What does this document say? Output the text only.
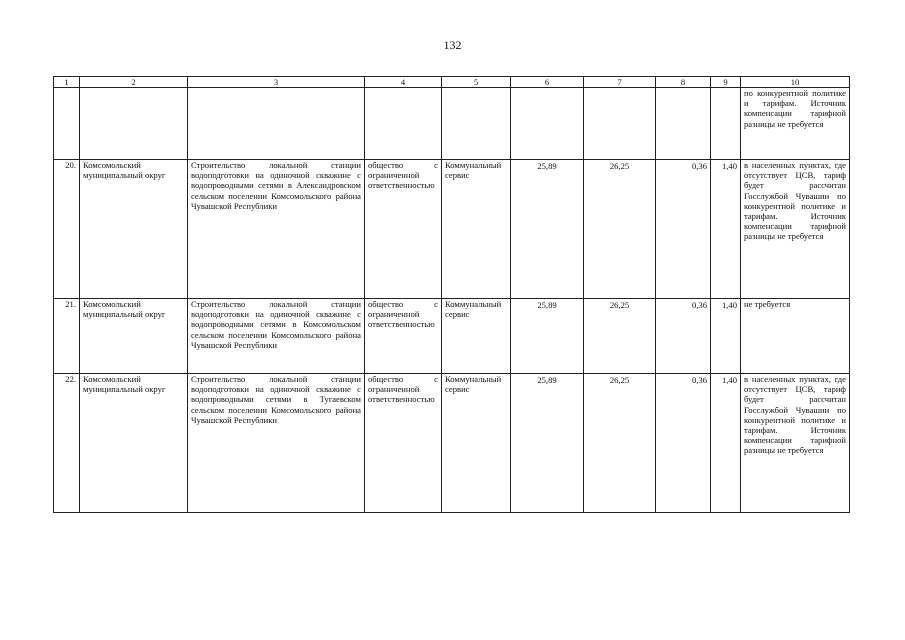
132
1	2	3	4	5	6	7	8	9	10
									по конкурентной политике и тарифам. Источник компенсации тарифной разницы не требуется
20.	Комсомольский муниципальный округ	Строительство локальной станции водоподготовки на одиночной скважине с водопроводными сетями в Александровском сельском поселении Комсомольского района Чувашской Республики	общество с ограниченной ответственностью	Коммунальный сервис	25,89	26,25	0,36	1,40	в населенных пунктах, где отсутствует ЦСВ, тариф будет рассчитан Госслужбой Чувашии по конкурентной политике и тарифам. Источник компенсации тарифной разницы не требуется
21.	Комсомольский муниципальный округ	Строительство локальной станции водоподготовки на одиночной скважине с водопроводными сетями в Комсомольском сельском поселении Комсомольского района Чувашской Республики	общество с ограниченной ответственностью	Коммунальный сервис	25,89	26,25	0,36	1,40	не требуется
22.	Комсомольский муниципальный округ	Строительство локальной станции водоподготовки на одиночной скважине с водопроводными сетями в Тугаевском сельском поселении Комсомольского района Чувашской Республики	общество с ограниченной ответственностью	Коммунальный сервис	25,89	26,25	0,36	1,40	в населенных пунктах, где отсутствует ЦСВ, тариф будет рассчитан Госслужбой Чувашии по конкурентной политике и тарифам. Источник компенсации тарифной разницы не требуется
